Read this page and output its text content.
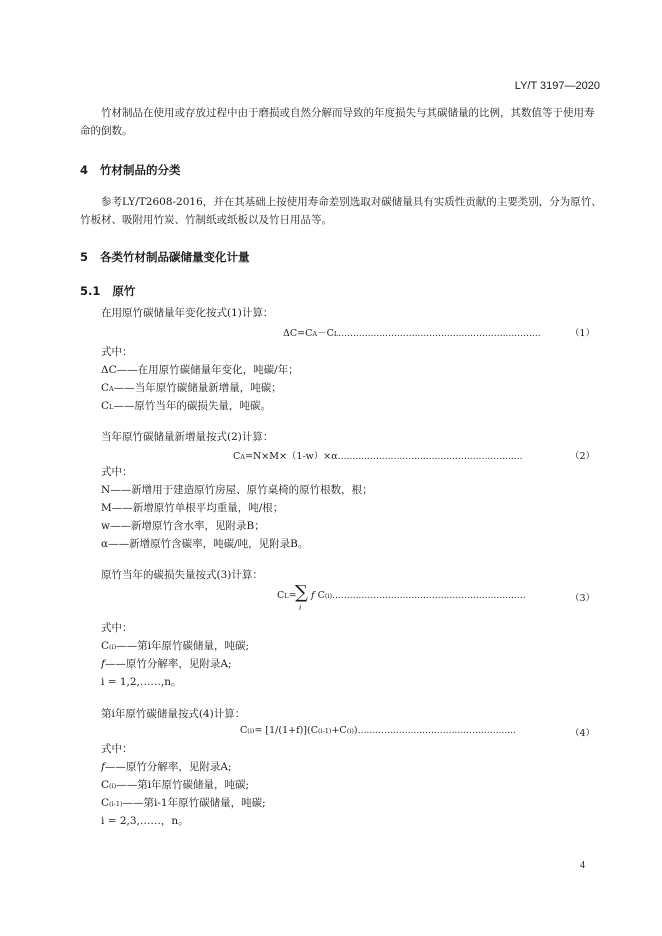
LY/T 3197—2020
竹材制品在使用或存放过程中由于磨损或自然分解而导致的年度损失与其碳储量的比例，其数值等于使用寿命的倒数。
4 竹材制品的分类
参考LY/T2608-2016，并在其基础上按使用寿命差别选取对碳储量具有实质性贡献的主要类别，分为原竹、竹板材、吸附用竹炭、竹制纸或纸板以及竹日用品等。
5 各类竹材制品碳储量变化计量
5.1 原竹
在用原竹碳储量年变化按式(1)计算：
ΔC=CA－CL……………………………………………………………	（1）
式中：
ΔC——在用原竹碳储量年变化，吨碳/年；
CA——当年原竹碳储量新增量，吨碳；
CL——原竹当年的碳损失量，吨碳。
当年原竹碳储量新增量按式(2)计算：
CA=N×M×（1-w）×α………………………………………………………	（2）
式中：
N——新增用于建造原竹房屋、原竹桌椅的原竹根数，根；
M——新增原竹单根平均重量，吨/根；
w——新增原竹含水率，见附录B；
α——新增原竹含碳率，吨碳/吨，见附录B。
原竹当年的碳损失量按式(3)计算：
CL=
∑
i
f C(i)…………………………………………………………	（3）
式中：
C(i)——第i年原竹碳储量，吨碳;
f——原竹分解率，见附录A;
i = 1,2,……,n。
第i年原竹碳储量按式(4)计算：
C(i)= [1/(1+f)](C(i-1)+C(i))………………………………………………	（4）
式中：
f——原竹分解率，见附录A;
C(i)——第i年原竹碳储量，吨碳;
C(i-1)——第i-1年原竹碳储量，吨碳;
i = 2,3,……，n。
4
